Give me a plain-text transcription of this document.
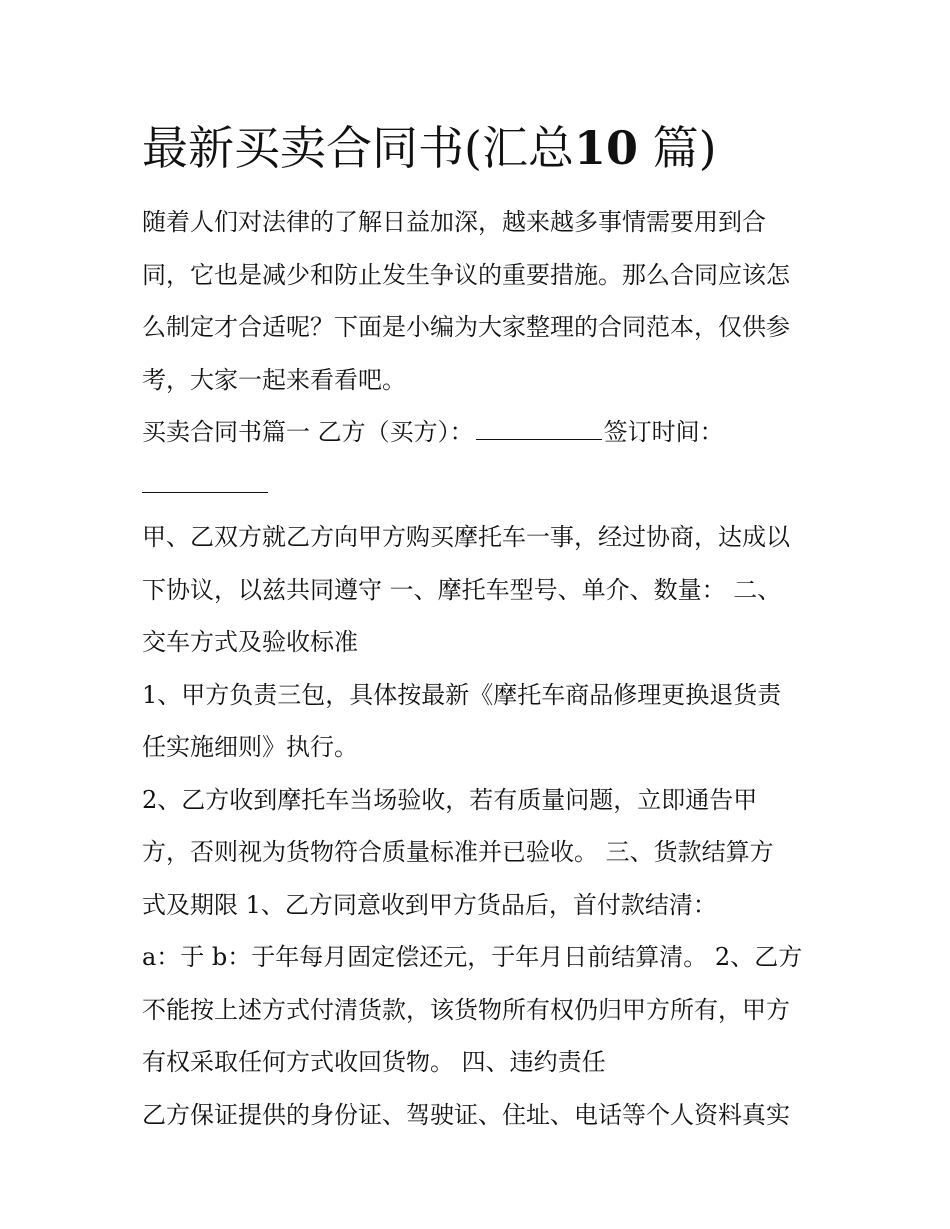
最新买卖合同书(汇总10 篇)
随着人们对法律的了解日益加深，越来越多事情需要用到合
同，它也是减少和防止发生争议的重要措施。那么合同应该怎
么制定才合适呢？下面是小编为大家整理的合同范本，仅供参
考，大家一起来看看吧。
买卖合同书篇一 乙方（买方）：	签订时间：
甲、乙双方就乙方向甲方购买摩托车一事，经过协商，达成以
下协议，以兹共同遵守 一、摩托车型号、单介、数量： 二、
交车方式及验收标准
1、甲方负责三包，具体按最新《摩托车商品修理更换退货责
任实施细则》执行。
2、乙方收到摩托车当场验收，若有质量问题，立即通告甲
方，否则视为货物符合质量标准并已验收。 三、货款结算方
式及期限 1、乙方同意收到甲方货品后，首付款结清：
a：于 b：于年每月固定偿还元，于年月日前结算清。 2、乙方
不能按上述方式付清货款，该货物所有权仍归甲方所有，甲方
有权采取任何方式收回货物。 四、违约责任
乙方保证提供的身份证、驾驶证、住址、电话等个人资料真实
